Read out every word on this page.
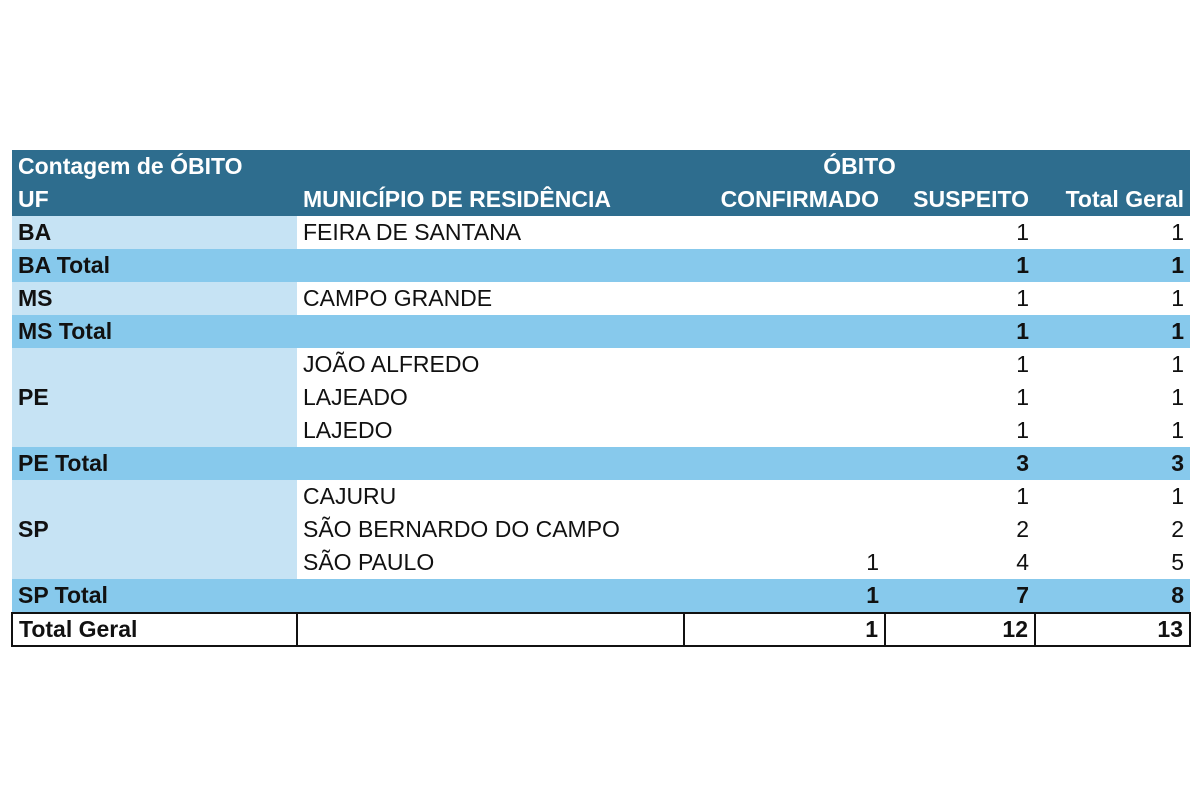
Contagem de ÓBITO		ÓBITO		
UF	MUNICÍPIO DE RESIDÊNCIA	CONFIRMADO	SUSPEITO	Total Geral
BA	FEIRA DE SANTANA		1	1
BA Total			1	1
MS	CAMPO GRANDE		1	1
MS Total			1	1
PE	JOÃO ALFREDO		1	1
	LAJEADO		1	1
	LAJEDO		1	1
PE Total			3	3
SP	CAJURU		1	1
	SÃO BERNARDO DO CAMPO		2	2
	SÃO PAULO	1	4	5
SP Total		1	7	8
Total Geral		1	12	13
